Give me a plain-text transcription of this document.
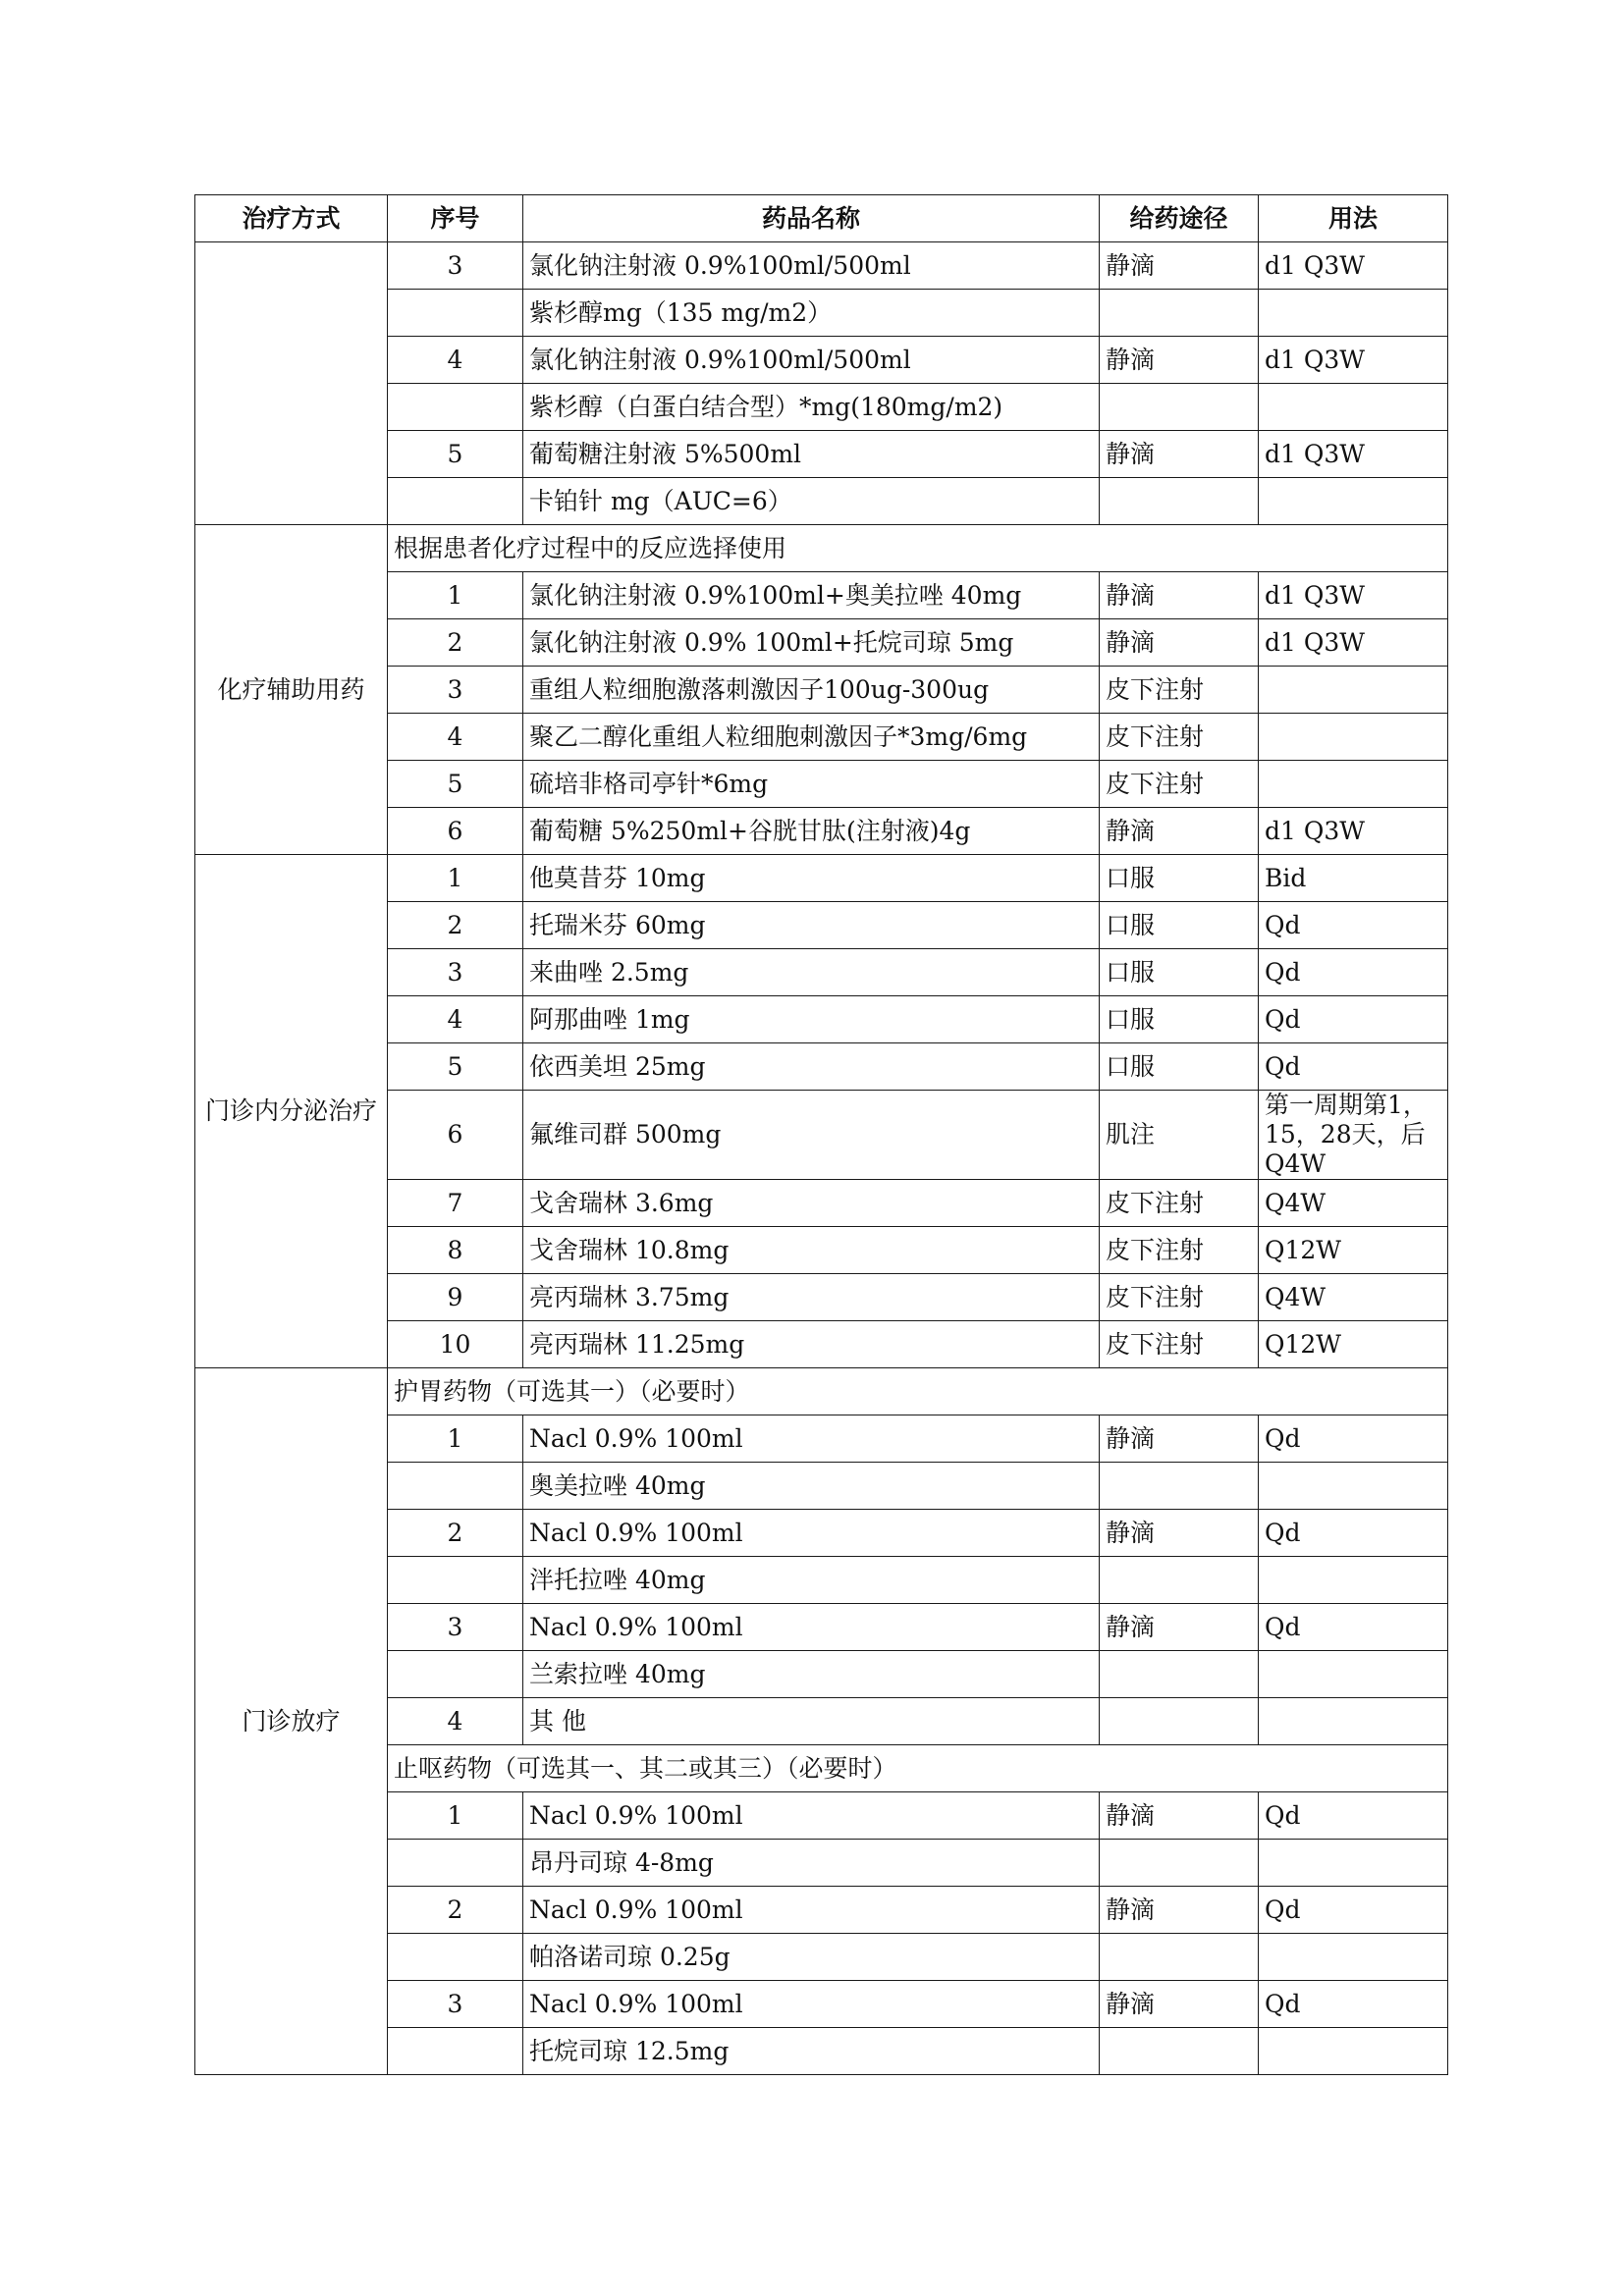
治疗方式	序号	药品名称	给药途径	用法
	3	氯化钠注射液 0.9%100ml/500ml	静滴	d1 Q3W
		紫杉醇mg（135 mg/m2）		
	4	氯化钠注射液 0.9%100ml/500ml	静滴	d1 Q3W
		紫杉醇（白蛋白结合型）*mg(180mg/m2)		
	5	葡萄糖注射液 5%500ml	静滴	d1 Q3W
		卡铂针 mg（AUC=6）		
化疗辅助用药	根据患者化疗过程中的反应选择使用			
	1	氯化钠注射液 0.9%100ml+奥美拉唑 40mg	静滴	d1 Q3W
	2	氯化钠注射液 0.9% 100ml+托烷司琼 5mg	静滴	d1 Q3W
	3	重组人粒细胞激落刺激因子100ug-300ug	皮下注射	
	4	聚乙二醇化重组人粒细胞刺激因子*3mg/6mg	皮下注射	
	5	硫培非格司亭针*6mg	皮下注射	
	6	葡萄糖 5%250ml+谷胱甘肽(注射液)4g	静滴	d1 Q3W
门诊内分泌治疗	1	他莫昔芬 10mg	口服	Bid
	2	托瑞米芬 60mg	口服	Qd
	3	来曲唑 2.5mg	口服	Qd
	4	阿那曲唑 1mg	口服	Qd
	5	依西美坦 25mg	口服	Qd
	6	氟维司群 500mg	肌注	第一周期第1，15，28天，后Q4W
	7	戈舍瑞林 3.6mg	皮下注射	Q4W
	8	戈舍瑞林 10.8mg	皮下注射	Q12W
	9	亮丙瑞林 3.75mg	皮下注射	Q4W
	10	亮丙瑞林 11.25mg	皮下注射	Q12W
门诊放疗	护胃药物（可选其一）（必要时）			
	1	Nacl 0.9% 100ml	静滴	Qd
		奥美拉唑 40mg		
	2	Nacl 0.9% 100ml	静滴	Qd
		泮托拉唑 40mg		
	3	Nacl 0.9% 100ml	静滴	Qd
		兰索拉唑 40mg		
	4	其 他		
	止呕药物（可选其一、其二或其三）（必要时）			
	1	Nacl 0.9% 100ml	静滴	Qd
		昂丹司琼 4-8mg		
	2	Nacl 0.9% 100ml	静滴	Qd
		帕洛诺司琼 0.25g		
	3	Nacl 0.9% 100ml	静滴	Qd
		托烷司琼 12.5mg		
